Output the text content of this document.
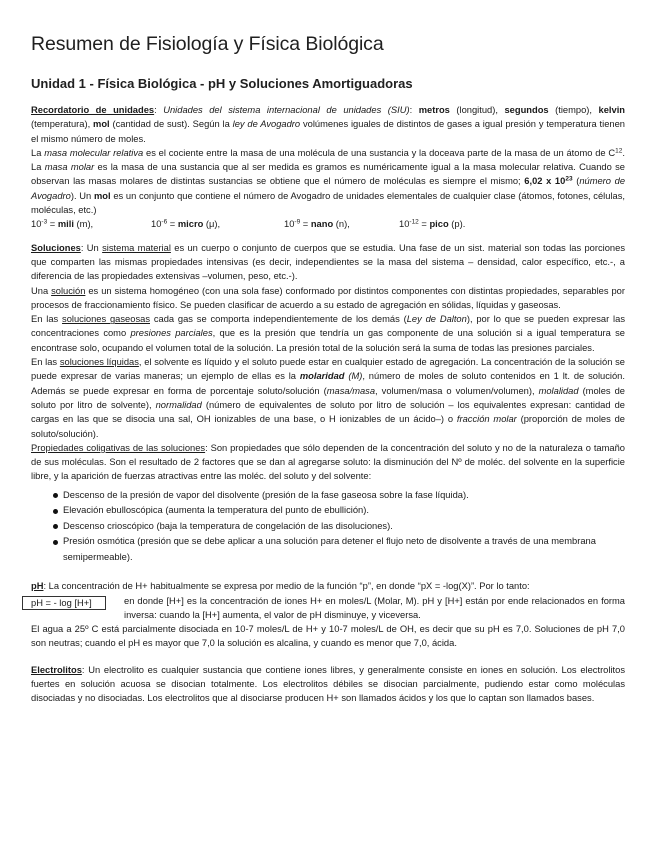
Resumen de Fisiología y Física Biológica
Unidad 1 - Física Biológica - pH y Soluciones Amortiguadoras

Recordatorio de unidades: Unidades del sistema internacional de unidades (SIU): metros (longitud), segundos (tiempo), kelvin (temperatura), mol (cantidad de sust). Según la ley de Avogadro volúmenes iguales de distintos de gases a igual presión y temperatura tienen el mismo número de moles.

La masa molecular relativa es el cociente entre la masa de una molécula de una sustancia y la doceava parte de la masa de un átomo de $C^{12}$. La masa molar es la masa de una sustancia que al ser medida es gramos es numéricamente igual a la masa molecular relativa. Cuando se observan las masas molares de distintas sustancias se obtiene que el número de moléculas es siempre el mismo; 6,02 x $10^{23}$ (número de Avogadro). Un mol es un conjunto que contiene el número de Avogadro de unidades elementales de cualquier clase (átomos, fotones, células, moléculas, etc.)

$10^{-3}$ = mili (m),	$10^{-6}$ = micro (μ),	$10^{-9}$ = nano (n),	$10^{-12}$ = pico (p).

Soluciones: Un sistema material es un cuerpo o conjunto de cuerpos que se estudia. Una fase de un sist. material son todas las porciones que comparten las mismas propiedades intensivas (es decir, independientes se la masa del sistema – densidad, calor específico, etc.-, a diferencia de las propiedades extensivas –volumen, peso, etc.-).

Una solución es un sistema homogéneo (con una sola fase) conformado por distintos componentes con distintas propiedades, separables por procesos de fraccionamiento físico. Se pueden clasificar de acuerdo a su estado de agregación en sólidas, líquidas y gaseosas.

En las soluciones gaseosas cada gas se comporta independientemente de los demás (Ley de Dalton), por lo que se pueden expresar las concentraciones como presiones parciales, que es la presión que tendría un gas componente de una solución si a igual temperatura se encontrase solo, ocupando el volumen total de la solución. La presión total de la solución será la suma de todas las presiones parciales.

En las soluciones líquidas, el solvente es líquido y el soluto puede estar en cualquier estado de agregación. La concentración de la solución se puede expresar de varias maneras; un ejemplo de ellas es la molaridad (M), número de moles de soluto contenidos en 1 lt. de solución. Además se puede expresar en forma de porcentaje soluto/solución (masa/masa, volumen/masa o volumen/volumen), molalidad (moles de soluto por litro de solvente), normalidad (número de equivalentes de soluto por litro de solución – los equivalentes expresan: cantidad de cargas en las que se disocia una sal, OH ionizables de una base, o H ionizables de un ácido–) o fracción molar (proporción de moles de soluto/solución).

Propiedades coligativas de las soluciones: Son propiedades que sólo dependen de la concentración del soluto y no de la naturaleza o tamaño de sus moléculas. Son el resultado de 2 factores que se dan al agregarse soluto: la disminución del Nº de moléc. del solvente en la superficie libre, y la aparición de fuerzas atractivas entre las moléc. del soluto y del solvente:

Descenso de la presión de vapor del disolvente (presión de la fase gaseosa sobre la fase líquida).
Elevación ebulloscópica (aumenta la temperatura del punto de ebullición).
Descenso crioscópico (baja la temperatura de congelación de las disoluciones).
Presión osmótica (presión que se debe aplicar a una solución para detener el flujo neto de disolvente a través de una membrana semipermeable).

pH: La concentración de H+ habitualmente se expresa por medio de la función “p”, en donde “pX = -log(X)”. Por lo tanto:

pH = - log [H+]	en donde [H+] es la concentración de iones H+ en moles/L (Molar, M). pH y [H+] están por ende relacionados en forma inversa: cuando la [H+] aumenta, el valor de pH disminuye, y viceversa.

El agua a 25º C está parcialmente disociada en 10-7 moles/L de H+ y 10-7 moles/L de OH, es decir que su pH es 7,0. Soluciones de pH 7,0 son neutras; cuando el pH es mayor que 7,0 la solución es alcalina, y cuando es menor que 7,0, ácida.

Electrolitos: Un electrolito es cualquier sustancia que contiene iones libres, y generalmente consiste en iones en solución. Los electrolitos fuertes en solución acuosa se disocian totalmente. Los electrolitos débiles se disocian parcialmente, pudiendo estar como moléculas disociadas y no disociadas. Los electrolitos que al disociarse producen H+ son llamados ácidos y los que lo captan son llamados bases.
